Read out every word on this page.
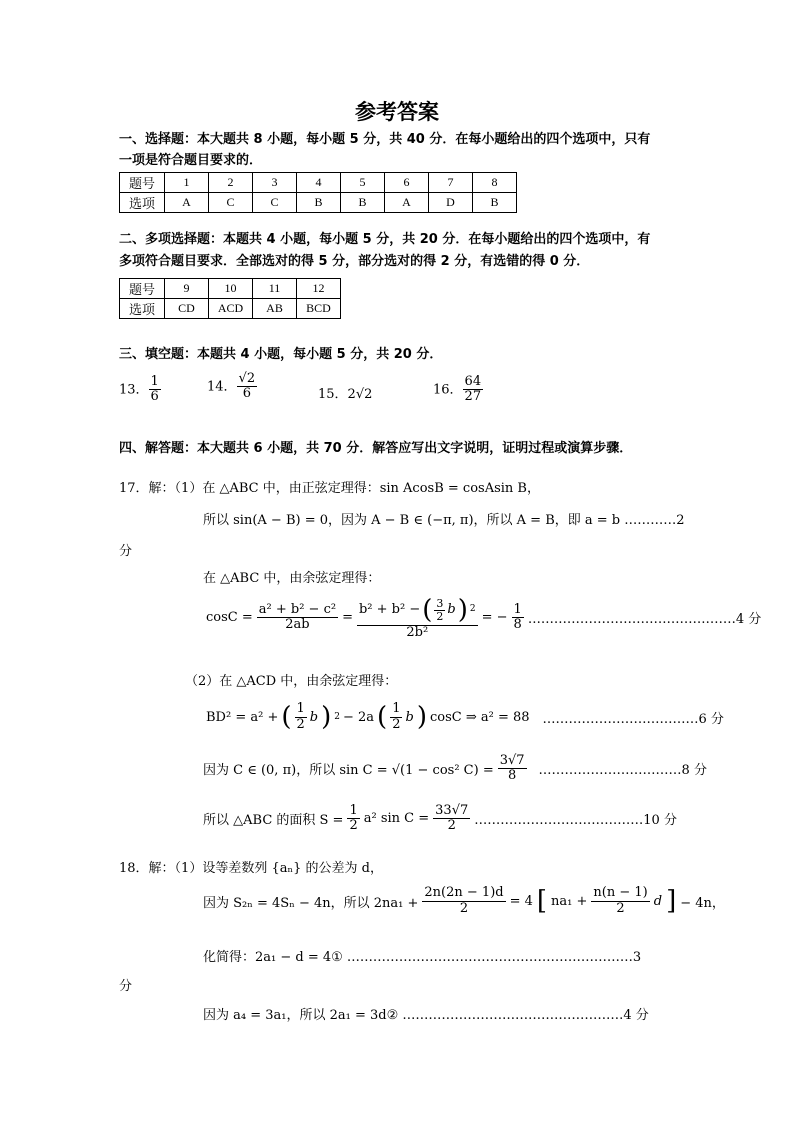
参考答案
一、选择题：本大题共 8 小题，每小题 5 分，共 40 分．在每小题给出的四个选项中，只有
一项是符合题目要求的．
题号	1	2	3	4	5	6	7	8
选项	A	C	C	B	B	A	D	B
二、多项选择题：本题共 4 小题，每小题 5 分，共 20 分．在每小题给出的四个选项中，有
多项符合题目要求．全部选对的得 5 分，部分选对的得 2 分，有选错的得 0 分．
题号	9	10	11	12
选项	CD	ACD	AB	BCD
三、填空题：本题共 4 小题，每小题 5 分，共 20 分．
13． $\frac{1}{6}$	14． $\frac{√2}{6}$	15．2√2	16． $\frac{64}{27}$
四、解答题：本大题共 6 小题，共 70 分．解答应写出文字说明，证明过程或演算步骤．
17．解：（1）在 △ABC 中，由正弦定理得：sin AcosB = cosAsin B，
所以 sin(A − B) = 0，因为 A − B ∈ (−π, π)，所以 A = B，即 a = b …………2
分
在 △ABC 中，由余弦定理得：
$\cos C = \frac{\text{a² + b² − c²}}{2ab} = \frac{b^2 + b^2 - ( \frac{3}{2} b ) 2}{\text{2b²}}$ = − $\frac{1}{8}$ …………………………………………4 分
（2）在 △ACD 中，由余弦定理得：
BD² = a² + ( $\frac{1}{2}$ b ) 2 − 2a ( $\frac{1}{2}$ b ) cosC ⇒ a² = 88 ………………………………6 分
因为 C ∈ (0, π)，所以 sin C = √(1 − cos² $C) = \frac{3√7}{8}$ ……………………………8 分
所以 △ABC 的面积 $S = \frac{1}{2} a^2$ $\sin C = \frac{33√7}{2}$ …………………………………10 分
18．解：（1）设等差数列 {aₙ} 的公差为 d，
因为 S₂ₙ = 4Sₙ − 4n，所以 $2na_1 + \frac{2n(2n - 1)d}{2} = 4$ [ $na_1 + \frac{n(n - 1)}{2}$ d ] − 4n，
化简得：2a₁ − d = 4① …………………………………………………………3
分
因为 a₄ = 3a₁，所以 2a₁ = 3d② ……………………………………………4 分
